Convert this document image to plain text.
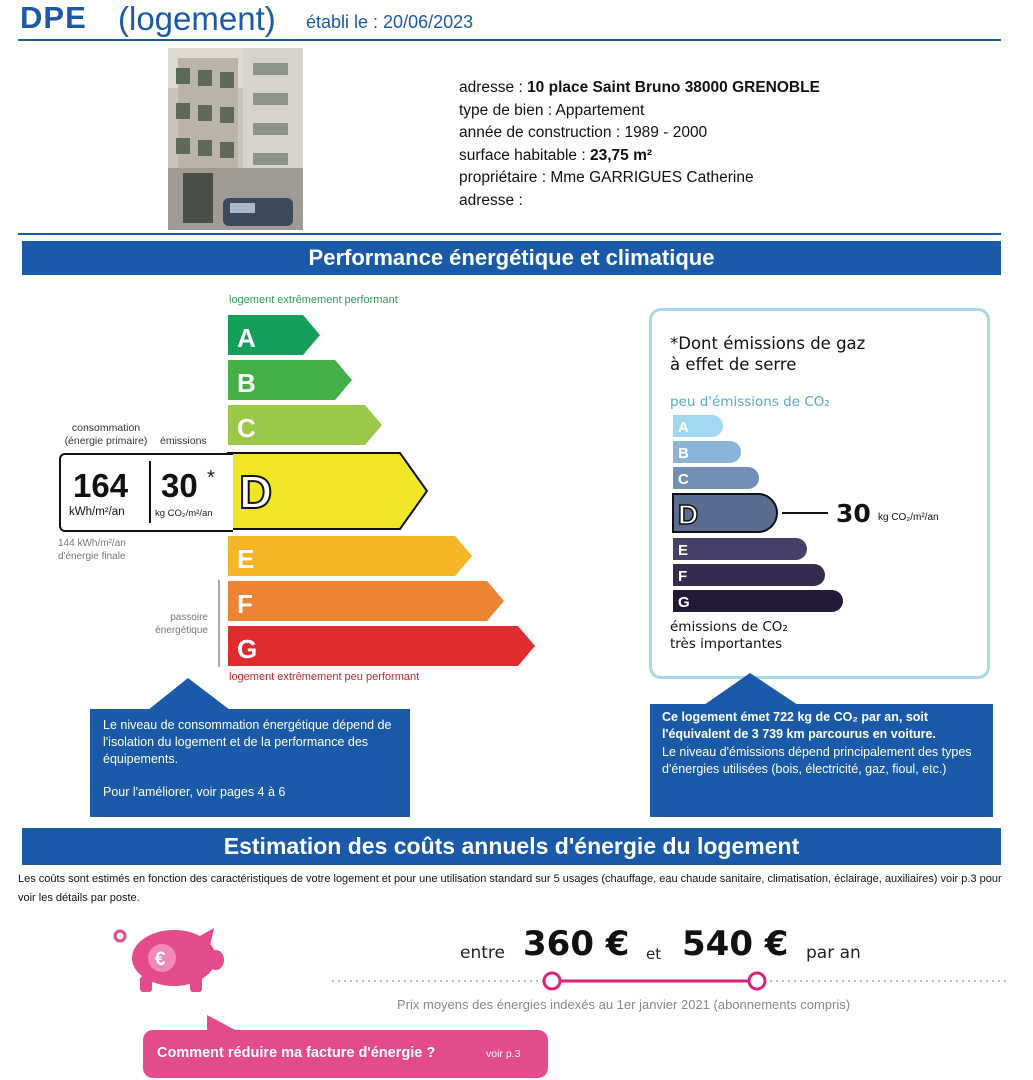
DPE (logement) établi le : 20/06/2023
adresse : 10 place Saint Bruno 38000 GRENOBLE
type de bien : Appartement
année de construction : 1989 - 2000
surface habitable : 23,75 m²
propriétaire : Mme GARRIGUES Catherine
adresse :
Performance énergétique et climatique
logement extrêmement performant
A
B
C
D
E
F
G
logement extrêmement peu performant
consommation
(énergie primaire)	émissions
164
kWh/m²/an
30 *
kg CO₂/m²/an
144 kWh/m²/an
d'énergie finale
passoire
énergétique
*Dont émissions de gaz
à effet de serre
peu d'émissions de CO₂
A
B
C
D
E
F
G
30 kg CO₂/m²/an
émissions de CO₂
très importantes
Le niveau de consommation énergétique dépend de l'isolation du logement et de la performance des équipements.
Pour l'améliorer, voir pages 4 à 6
Ce logement émet 722 kg de CO₂ par an, soit l'équivalent de 3 739 km parcourus en voiture.
Le niveau d'émissions dépend principalement des types d'énergies utilisées (bois, électricité, gaz, fioul, etc.)
Estimation des coûts annuels d'énergie du logement
Les coûts sont estimés en fonction des caractéristiques de votre logement et pour une utilisation standard sur 5 usages (chauffage, eau chaude sanitaire, climatisation, éclairage, auxiliaires) voir p.3 pour voir les détails par poste.
€	entre 360 € et 540 € par an
Prix moyens des énergies indexés au 1er janvier 2021 (abonnements compris)
Comment réduire ma facture d'énergie ?	voir p.3
